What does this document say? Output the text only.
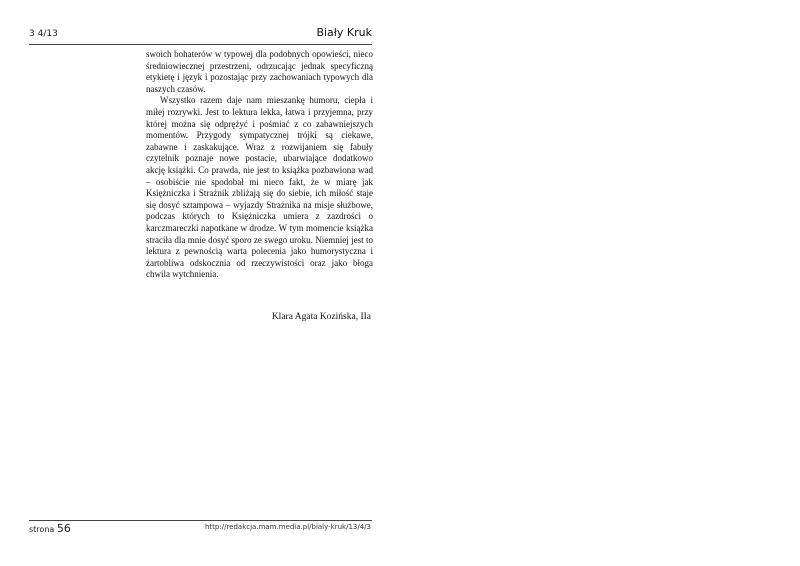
3 4/13	Biały Kruk

swoich bohaterów w typowej dla podobnych opowieści, nieco średniowiecznej przestrzeni, odrzucając jednak specyficzną etykietę i język i pozostając przy zachowaniach typowych dla naszych czasów.

Wszystko razem daje nam mieszankę humoru, ciepła i miłej rozrywki. Jest to lektura lekka, łatwa i przyjemna, przy której można się odprężyć i pośmiać z co zabawniejszych momentów. Przygody sympatycznej trójki są ciekawe, zabawne i zaskakujące. Wraz z rozwijaniem się fabuły czytelnik poznaje nowe postacie, ubarwiające dodatkowo akcję książki. Co prawda, nie jest to książka pozbawiona wad – osobiście nie spodobał mi nieco fakt, że w miarę jak Księżniczka i Strażnik zbliżają się do siebie, ich miłość staje się dosyć sztampowa – wyjazdy Strażnika na misje służbowe, podczas których to Księżniczka umiera z zazdrości o karczmareczki napotkane w drodze. W tym momencie książka straciła dla mnie dosyć sporo ze swego uroku. Niemniej jest to lektura z pewnością warta polecenia jako humorystyczna i żartobliwa odskocznia od rzeczywistości oraz jako błoga chwila wytchnienia.

Klara Agata Kozińska, IIa
strona 56	http://redakcja.mam.media.pl/bialy-kruk/13/4/3
